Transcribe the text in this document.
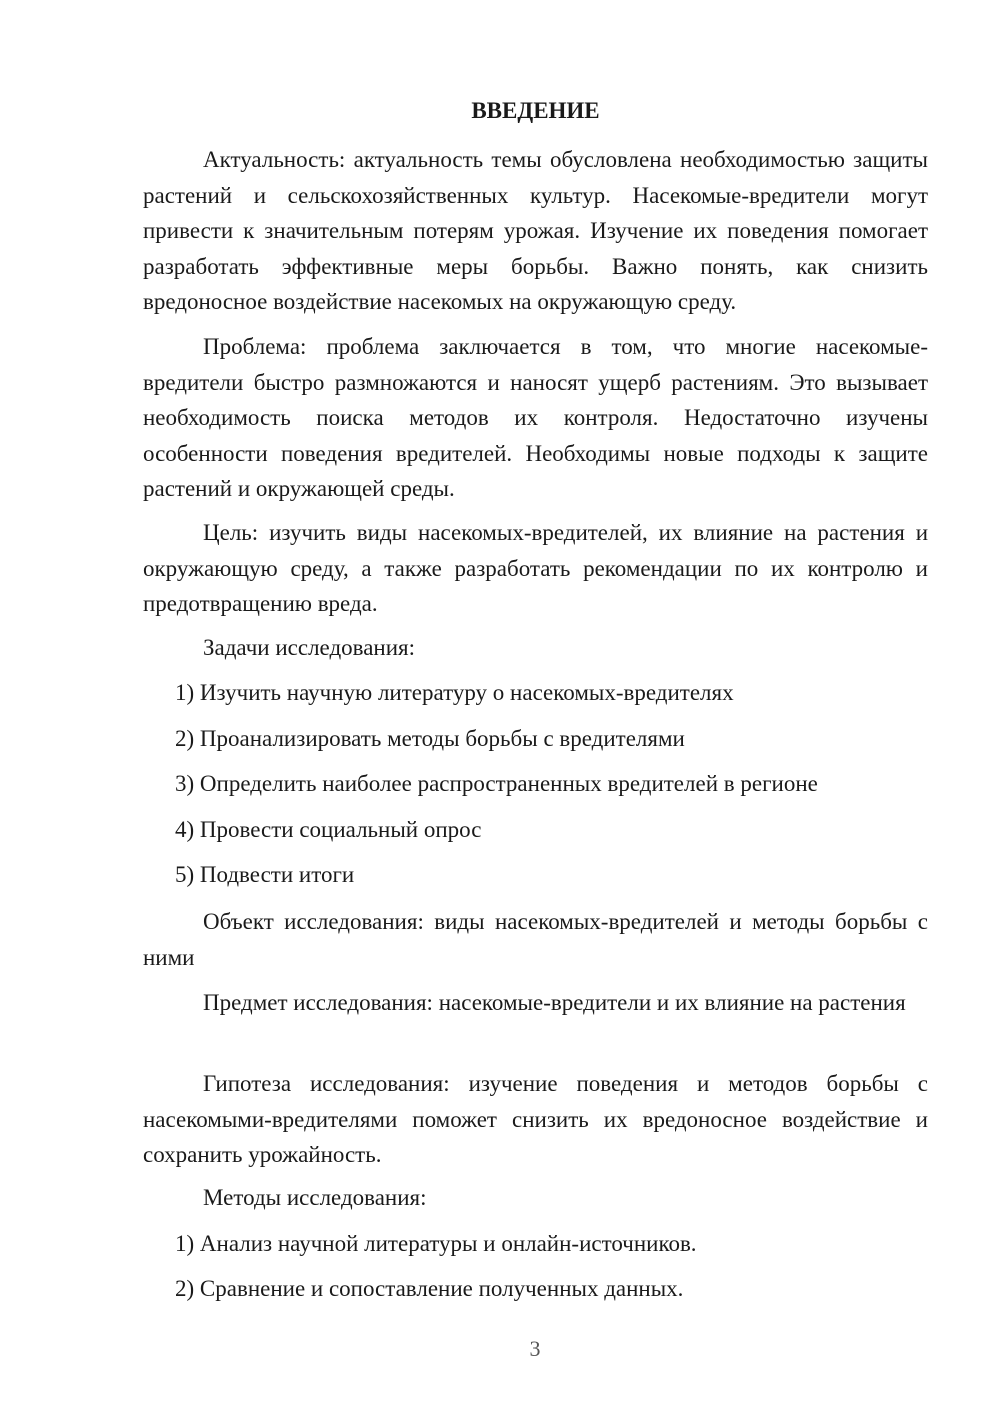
ВВЕДЕНИЕ

Актуальность: актуальность темы обусловлена необходимостью защиты растений и сельскохозяйственных культур. Насекомые-вредители могут привести к значительным потерям урожая. Изучение их поведения помогает разработать эффективные меры борьбы. Важно понять, как снизить вредоносное воздействие насекомых на окружающую среду.

Проблема: проблема заключается в том, что многие насекомые-вредители быстро размножаются и наносят ущерб растениям. Это вызывает необходимость поиска методов их контроля. Недостаточно изучены особенности поведения вредителей. Необходимы новые подходы к защите растений и окружающей среды.

Цель: изучить виды насекомых-вредителей, их влияние на растения и окружающую среду, а также разработать рекомендации по их контролю и предотвращению вреда.

Задачи исследования:

1) Изучить научную литературу о насекомых-вредителях

2) Проанализировать методы борьбы с вредителями

3) Определить наиболее распространенных вредителей в регионе

4) Провести социальный опрос

5) Подвести итоги

Объект исследования: виды насекомых-вредителей и методы борьбы с ними

Предмет исследования: насекомые-вредители и их влияние на растения

Гипотеза исследования: изучение поведения и методов борьбы с насекомыми-вредителями поможет снизить их вредоносное воздействие и сохранить урожайность.

Методы исследования:

1) Анализ научной литературы и онлайн-источников.

2) Сравнение и сопоставление полученных данных.

3
